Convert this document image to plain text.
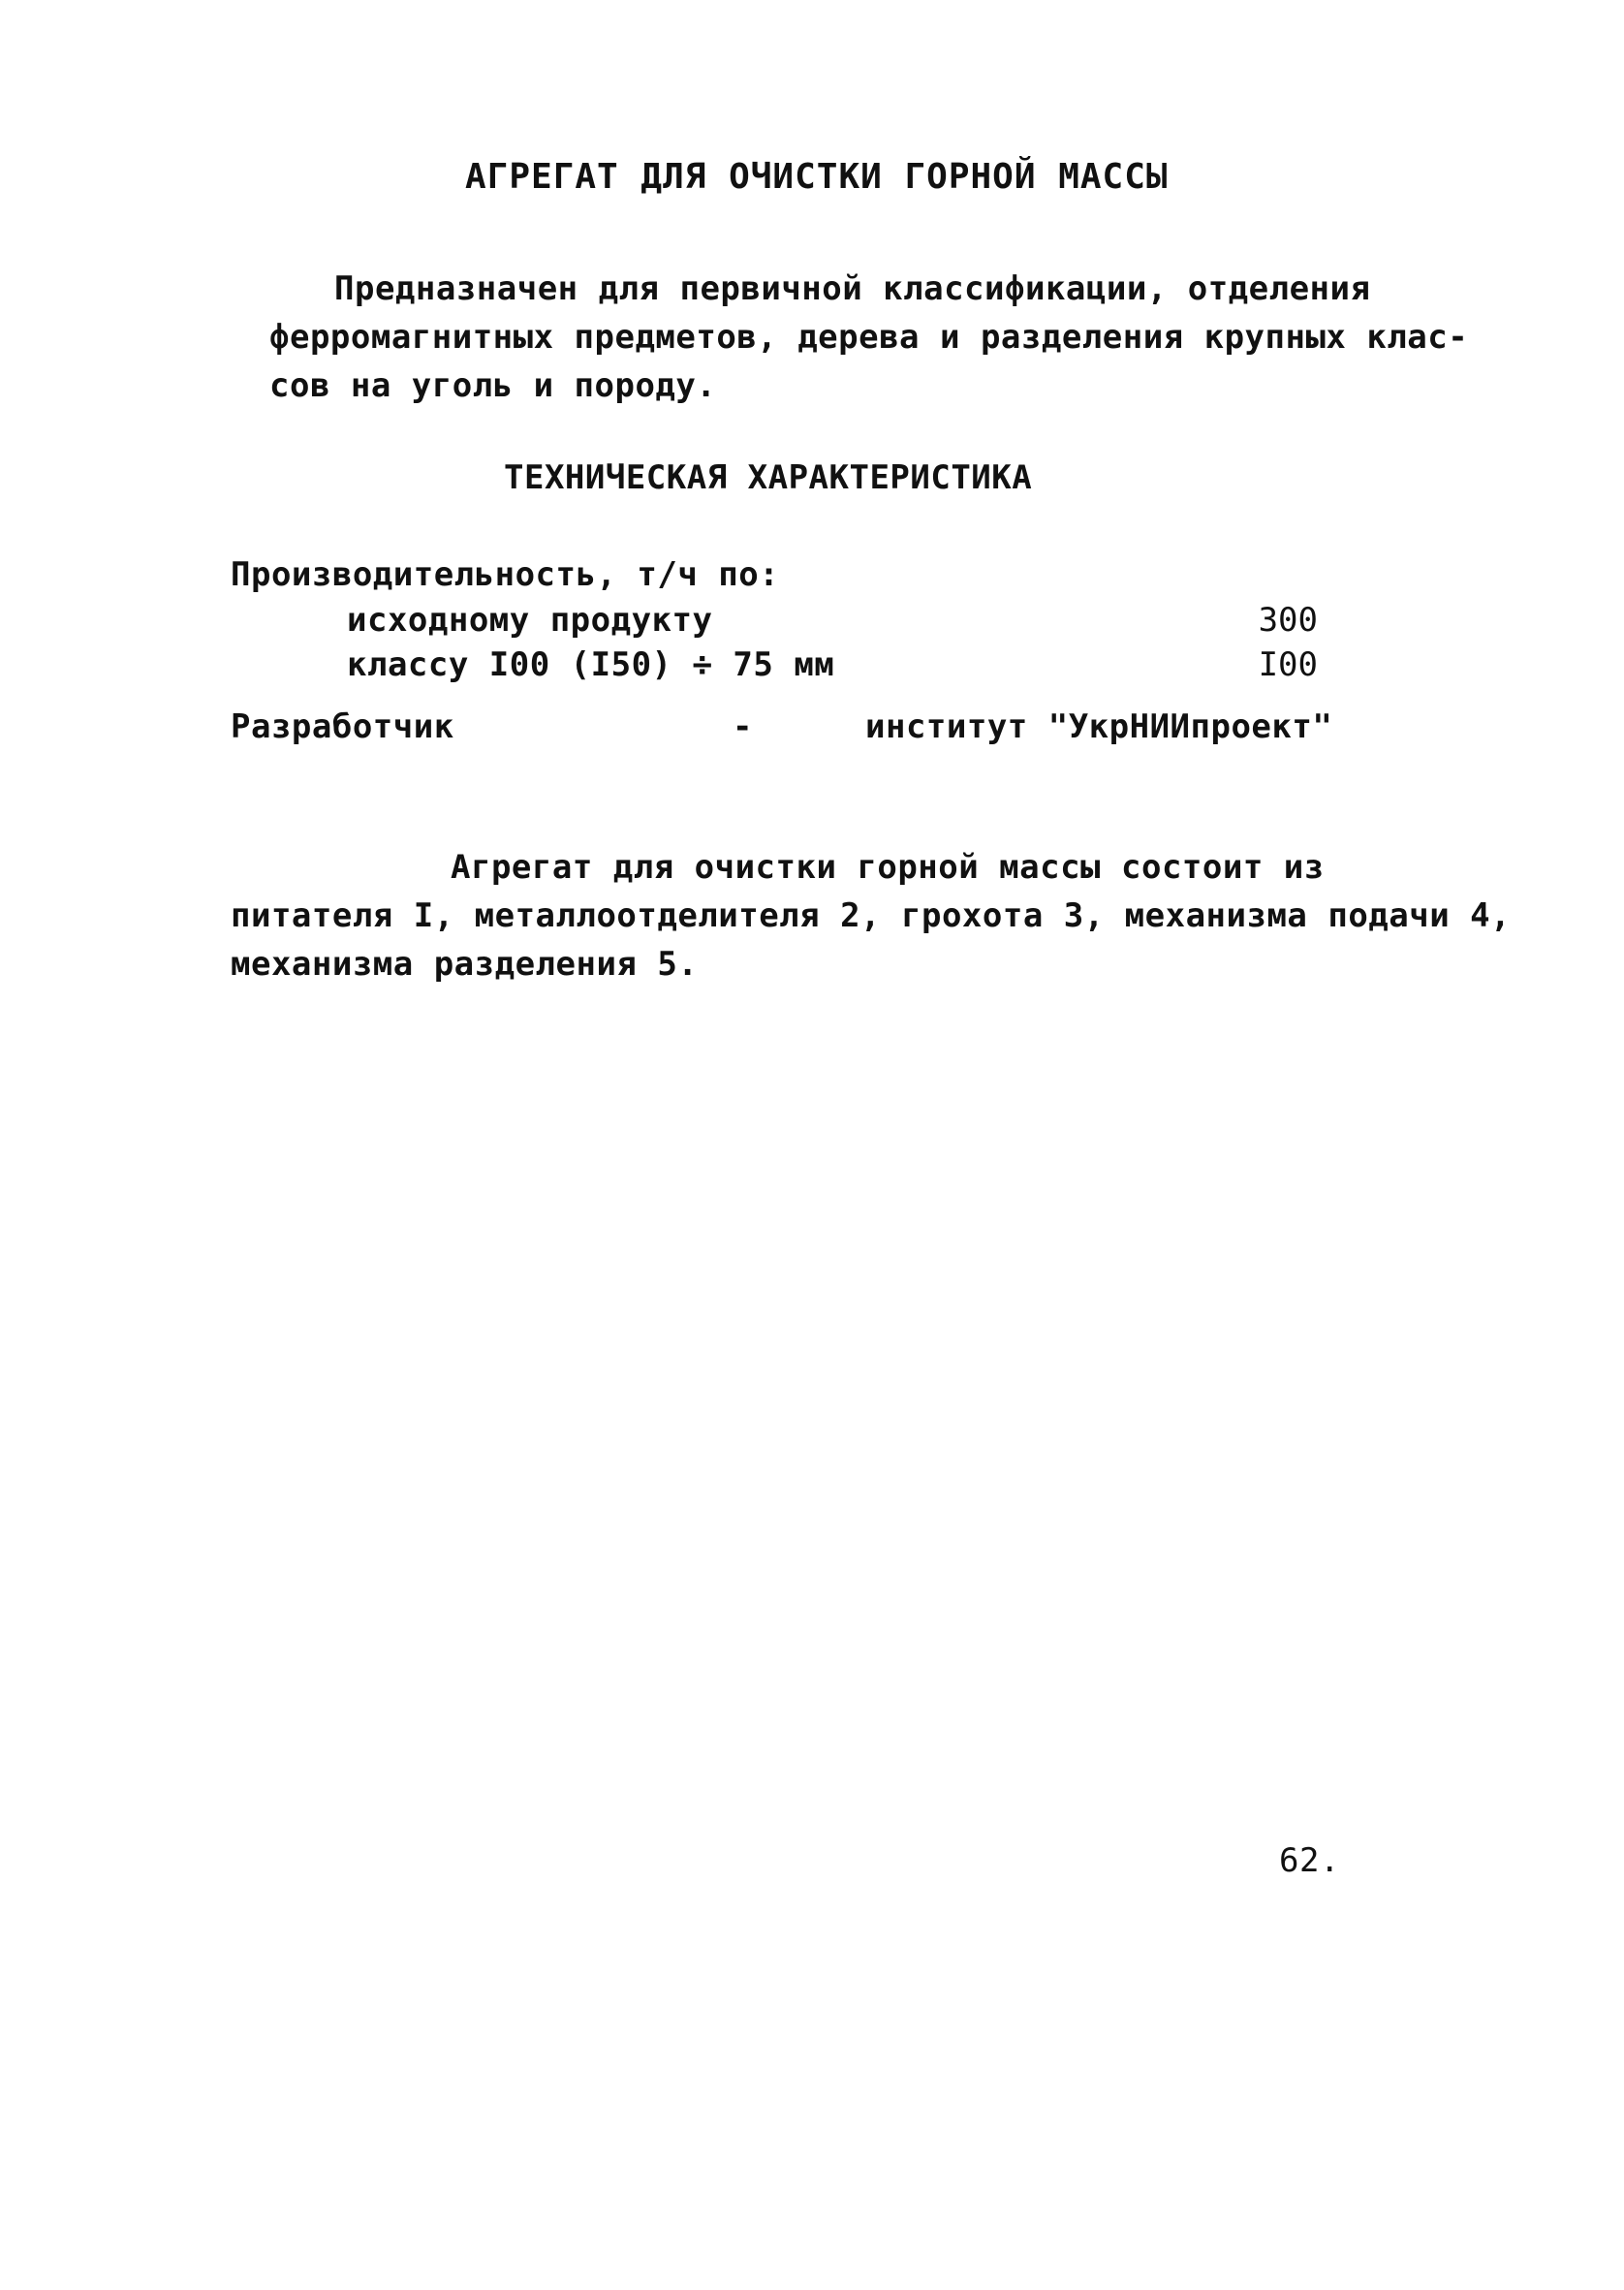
АГРЕГАТ ДЛЯ ОЧИСТКИ ГОРНОЙ МАССЫ
Предназначен для первичной классификации, отделения
ферромагнитных предметов, дерева и разделения крупных клас-
сов на уголь и породу.
ТЕХНИЧЕСКАЯ ХАРАКТЕРИСТИКА
Производительность, т/ч по:
исходному продукту	300
классу I00 (I50) ÷ 75 мм	I00
Разработчик	-	институт "УкрНИИпроект"
Агрегат для очистки горной массы состоит из
питателя I, металлоотделителя 2, грохота 3, механизма подачи 4,
механизма разделения 5.
62.
